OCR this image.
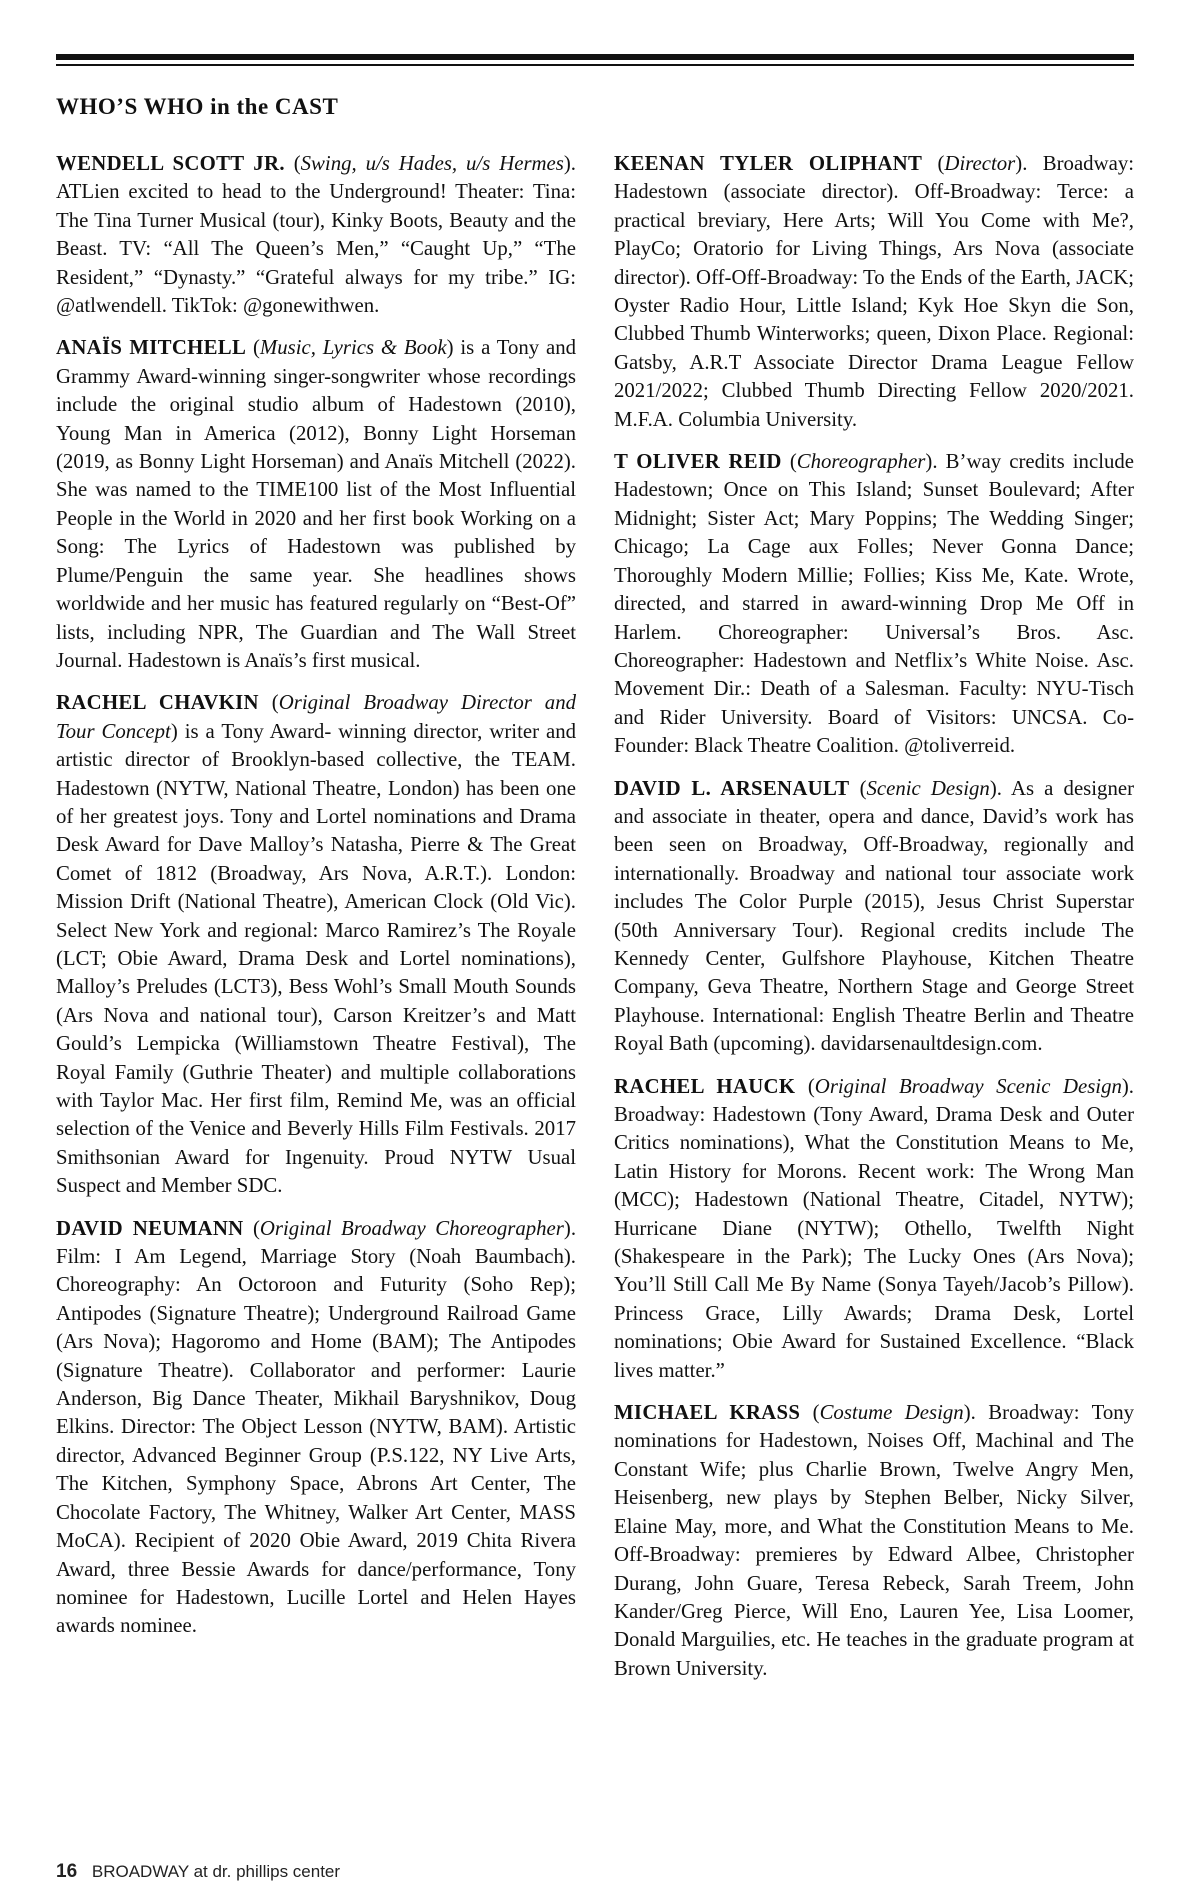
WHO’S WHO in the CAST

WENDELL SCOTT JR. (Swing, u/s Hades, u/s Hermes). ATLien excited to head to the Underground! Theater: Tina: The Tina Turner Musical (tour), Kinky Boots, Beauty and the Beast. TV: “All The Queen’s Men,” “Caught Up,” “The Resident,” “Dynasty.” “Grateful always for my tribe.” IG: @atlwendell. TikTok: @gonewithwen.

ANAÏS MITCHELL (Music, Lyrics & Book) is a Tony and Grammy Award-winning singer-songwriter whose recordings include the original studio album of Hadestown (2010), Young Man in America (2012), Bonny Light Horseman (2019, as Bonny Light Horseman) and Anaïs Mitchell (2022). She was named to the TIME100 list of the Most Influential People in the World in 2020 and her first book Working on a Song: The Lyrics of Hadestown was published by Plume/Penguin the same year. She headlines shows worldwide and her music has featured regularly on “Best-Of” lists, including NPR, The Guardian and The Wall Street Journal. Hadestown is Anaïs’s first musical.

RACHEL CHAVKIN (Original Broadway Director and Tour Concept) is a Tony Award- winning director, writer and artistic director of Brooklyn-based collective, the TEAM. Hadestown (NYTW, National Theatre, London) has been one of her greatest joys. Tony and Lortel nominations and Drama Desk Award for Dave Malloy’s Natasha, Pierre & The Great Comet of 1812 (Broadway, Ars Nova, A.R.T.). London: Mission Drift (National Theatre), American Clock (Old Vic). Select New York and regional: Marco Ramirez’s The Royale (LCT; Obie Award, Drama Desk and Lortel nominations), Malloy’s Preludes (LCT3), Bess Wohl’s Small Mouth Sounds (Ars Nova and national tour), Carson Kreitzer’s and Matt Gould’s Lempicka (Williamstown Theatre Festival), The Royal Family (Guthrie Theater) and multiple collaborations with Taylor Mac. Her first film, Remind Me, was an official selection of the Venice and Beverly Hills Film Festivals. 2017 Smithsonian Award for Ingenuity. Proud NYTW Usual Suspect and Member SDC.

DAVID NEUMANN (Original Broadway Choreographer). Film: I Am Legend, Marriage Story (Noah Baumbach). Choreography: An Octoroon and Futurity (Soho Rep); Antipodes (Signature Theatre); Underground Railroad Game (Ars Nova); Hagoromo and Home (BAM); The Antipodes (Signature Theatre). Collaborator and performer: Laurie Anderson, Big Dance Theater, Mikhail Baryshnikov, Doug Elkins. Director: The Object Lesson (NYTW, BAM). Artistic director, Advanced Beginner Group (P.S.122, NY Live Arts, The Kitchen, Symphony Space, Abrons Art Center, The Chocolate Factory, The Whitney, Walker Art Center, MASS MoCA). Recipient of 2020 Obie Award, 2019 Chita Rivera Award, three Bessie Awards for dance/performance, Tony nominee for Hadestown, Lucille Lortel and Helen Hayes awards nominee.

KEENAN TYLER OLIPHANT (Director). Broadway: Hadestown (associate director). Off-Broadway: Terce: a practical breviary, Here Arts; Will You Come with Me?, PlayCo; Oratorio for Living Things, Ars Nova (associate director). Off-Off-Broadway: To the Ends of the Earth, JACK; Oyster Radio Hour, Little Island; Kyk Hoe Skyn die Son, Clubbed Thumb Winterworks; queen, Dixon Place. Regional: Gatsby, A.R.T Associate Director Drama League Fellow 2021/2022; Clubbed Thumb Directing Fellow 2020/2021. M.F.A. Columbia University.

T OLIVER REID (Choreographer). B’way credits include Hadestown; Once on This Island; Sunset Boulevard; After Midnight; Sister Act; Mary Poppins; The Wedding Singer; Chicago; La Cage aux Folles; Never Gonna Dance; Thoroughly Modern Millie; Follies; Kiss Me, Kate. Wrote, directed, and starred in award-winning Drop Me Off in Harlem. Choreographer: Universal’s Bros. Asc. Choreographer: Hadestown and Netflix’s White Noise. Asc. Movement Dir.: Death of a Salesman. Faculty: NYU-Tisch and Rider University. Board of Visitors: UNCSA. Co-Founder: Black Theatre Coalition. @toliverreid.

DAVID L. ARSENAULT (Scenic Design). As a designer and associate in theater, opera and dance, David’s work has been seen on Broadway, Off-Broadway, regionally and internationally. Broadway and national tour associate work includes The Color Purple (2015), Jesus Christ Superstar (50th Anniversary Tour). Regional credits include The Kennedy Center, Gulfshore Playhouse, Kitchen Theatre Company, Geva Theatre, Northern Stage and George Street Playhouse. International: English Theatre Berlin and Theatre Royal Bath (upcoming). davidarsenaultdesign.com.

RACHEL HAUCK (Original Broadway Scenic Design). Broadway: Hadestown (Tony Award, Drama Desk and Outer Critics nominations), What the Constitution Means to Me, Latin History for Morons. Recent work: The Wrong Man (MCC); Hadestown (National Theatre, Citadel, NYTW); Hurricane Diane (NYTW); Othello, Twelfth Night (Shakespeare in the Park); The Lucky Ones (Ars Nova); You’ll Still Call Me By Name (Sonya Tayeh/Jacob’s Pillow). Princess Grace, Lilly Awards; Drama Desk, Lortel nominations; Obie Award for Sustained Excellence. “Black lives matter.”

MICHAEL KRASS (Costume Design). Broadway: Tony nominations for Hadestown, Noises Off, Machinal and The Constant Wife; plus Charlie Brown, Twelve Angry Men, Heisenberg, new plays by Stephen Belber, Nicky Silver, Elaine May, more, and What the Constitution Means to Me. Off-Broadway: premieres by Edward Albee, Christopher Durang, John Guare, Teresa Rebeck, Sarah Treem, John Kander/Greg Pierce, Will Eno, Lauren Yee, Lisa Loomer, Donald Marguilies, etc. He teaches in the graduate program at Brown University.

16 BROADWAY at dr. phillips center
